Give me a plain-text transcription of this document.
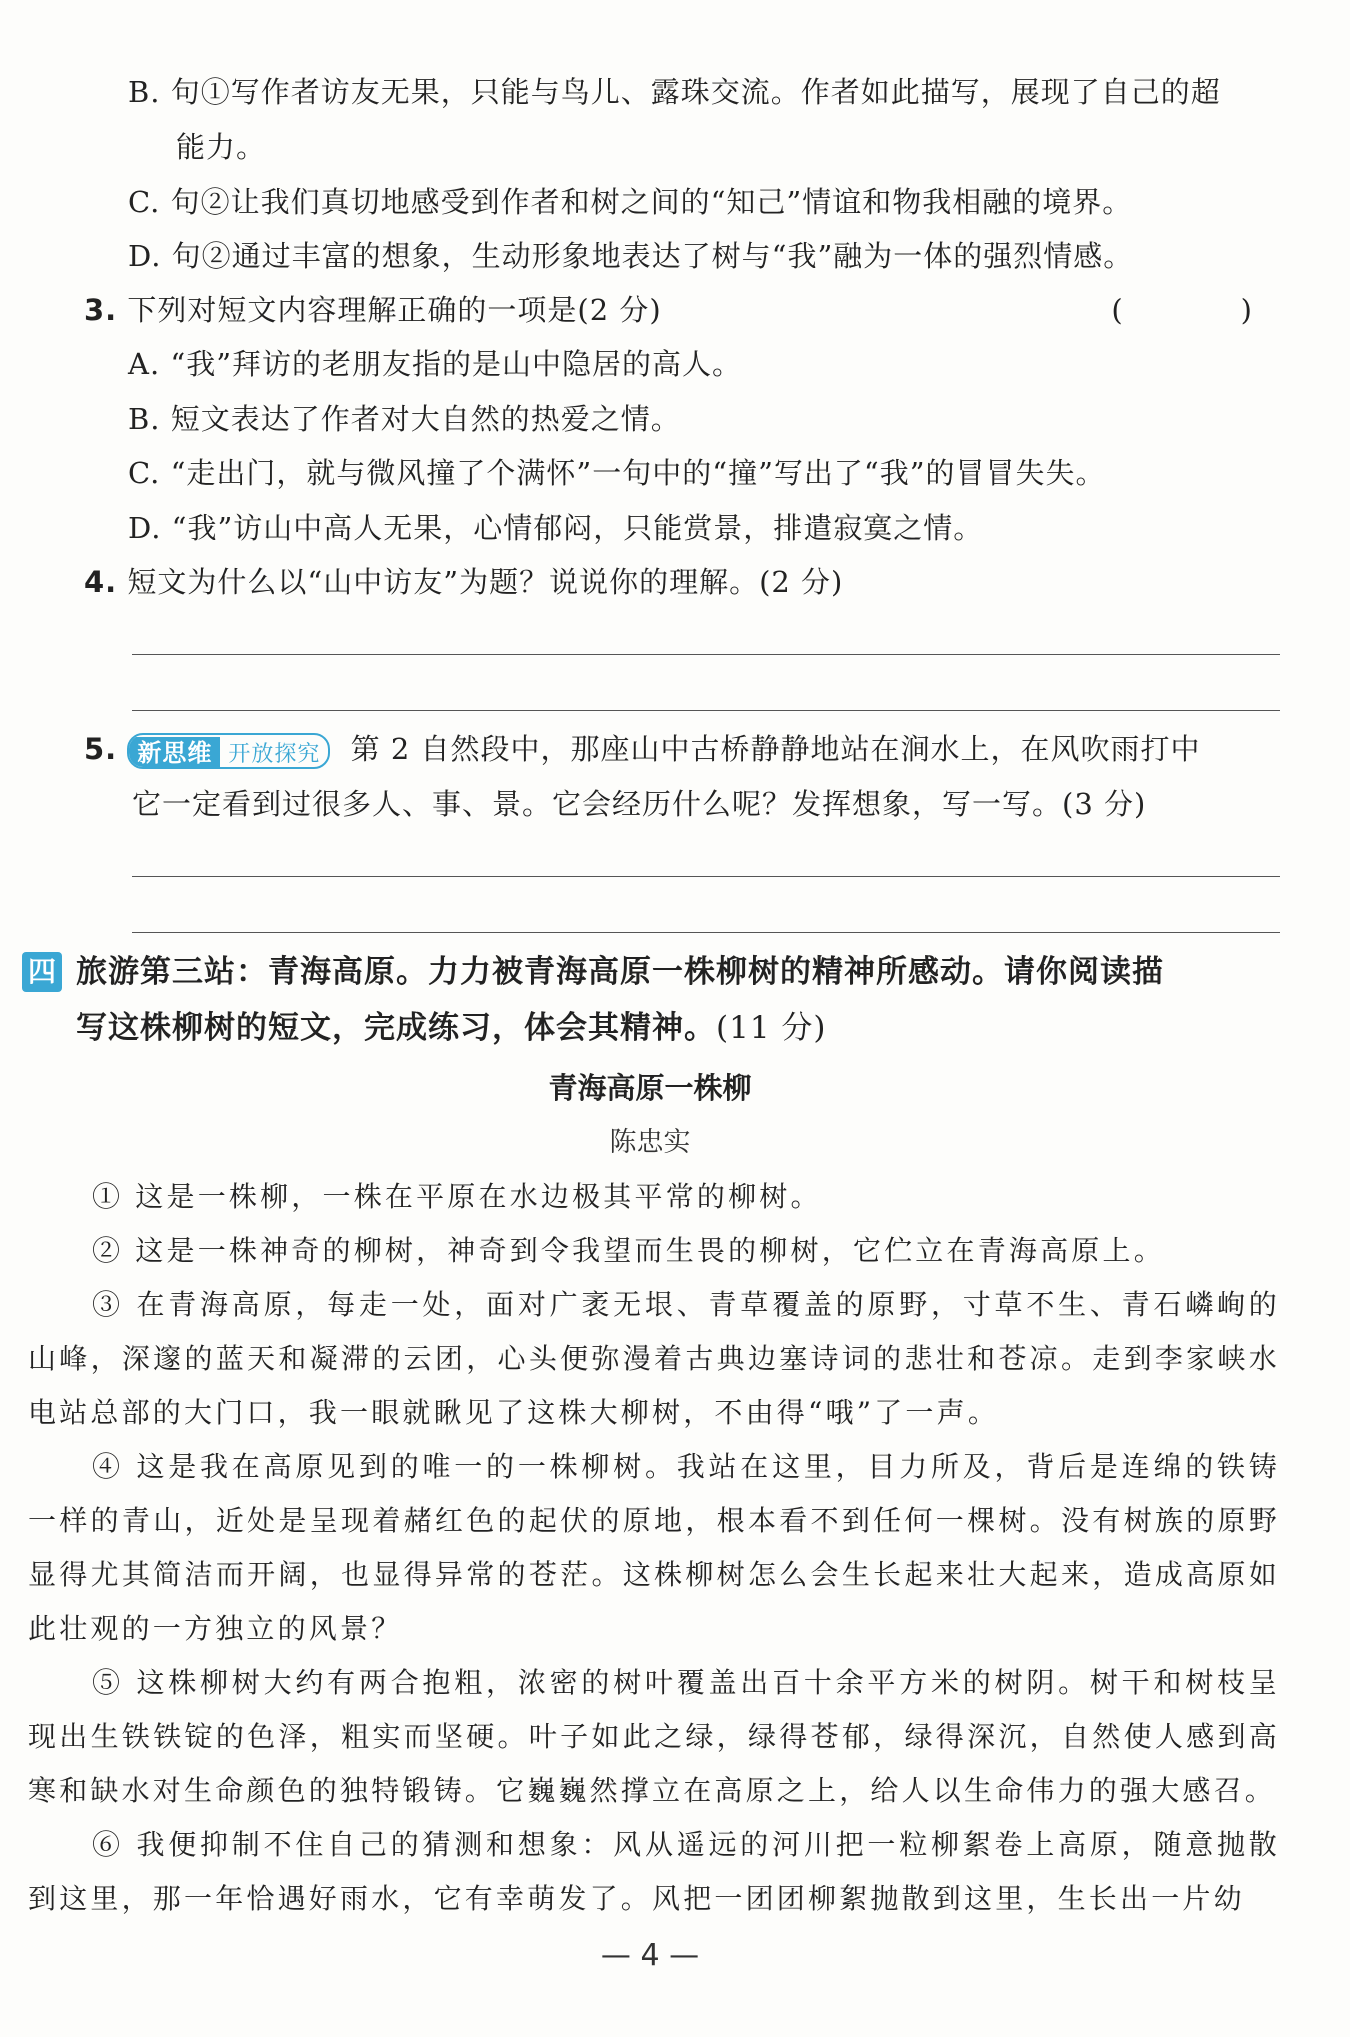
B. 句①写作者访友无果，只能与鸟儿、露珠交流。作者如此描写，展现了自己的超
能力。
C. 句②让我们真切地感受到作者和树之间的“知己”情谊和物我相融的境界。
D. 句②通过丰富的想象，生动形象地表达了树与“我”融为一体的强烈情感。
3. 下列对短文内容理解正确的一项是(2 分)	(　　)
A. “我”拜访的老朋友指的是山中隐居的高人。
B. 短文表达了作者对大自然的热爱之情。
C. “走出门，就与微风撞了个满怀”一句中的“撞”写出了“我”的冒冒失失。
D. “我”访山中高人无果，心情郁闷，只能赏景，排遣寂寞之情。
4. 短文为什么以“山中访友”为题？说说你的理解。(2 分)
5. 新思维 开放探究 第 2 自然段中，那座山中古桥静静地站在涧水上，在风吹雨打中
它一定看到过很多人、事、景。它会经历什么呢？发挥想象，写一写。(3 分)
四 旅游第三站：青海高原。力力被青海高原一株柳树的精神所感动。请你阅读描
写这株柳树的短文，完成练习，体会其精神。(11 分)
青海高原一株柳
陈忠实
① 这是一株柳，一株在平原在水边极其平常的柳树。
② 这是一株神奇的柳树，神奇到令我望而生畏的柳树，它伫立在青海高原上。
③ 在青海高原，每走一处，面对广袤无垠、青草覆盖的原野，寸草不生、青石嶙峋的山峰，深邃的蓝天和凝滞的云团，心头便弥漫着古典边塞诗词的悲壮和苍凉。走到李家峡水电站总部的大门口，我一眼就瞅见了这株大柳树，不由得“哦”了一声。
④ 这是我在高原见到的唯一的一株柳树。我站在这里，目力所及，背后是连绵的铁铸一样的青山，近处是呈现着赭红色的起伏的原地，根本看不到任何一棵树。没有树族的原野显得尤其简洁而开阔，也显得异常的苍茫。这株柳树怎么会生长起来壮大起来，造成高原如此壮观的一方独立的风景？
⑤ 这株柳树大约有两合抱粗，浓密的树叶覆盖出百十余平方米的树阴。树干和树枝呈现出生铁铁锭的色泽，粗实而坚硬。叶子如此之绿，绿得苍郁，绿得深沉，自然使人感到高寒和缺水对生命颜色的独特锻铸。它巍巍然撑立在高原之上，给人以生命伟力的强大感召。
⑥ 我便抑制不住自己的猜测和想象：风从遥远的河川把一粒柳絮卷上高原，随意抛散到这里，那一年恰遇好雨水，它有幸萌发了。风把一团团柳絮抛散到这里，生长出一片幼
— 4 —
